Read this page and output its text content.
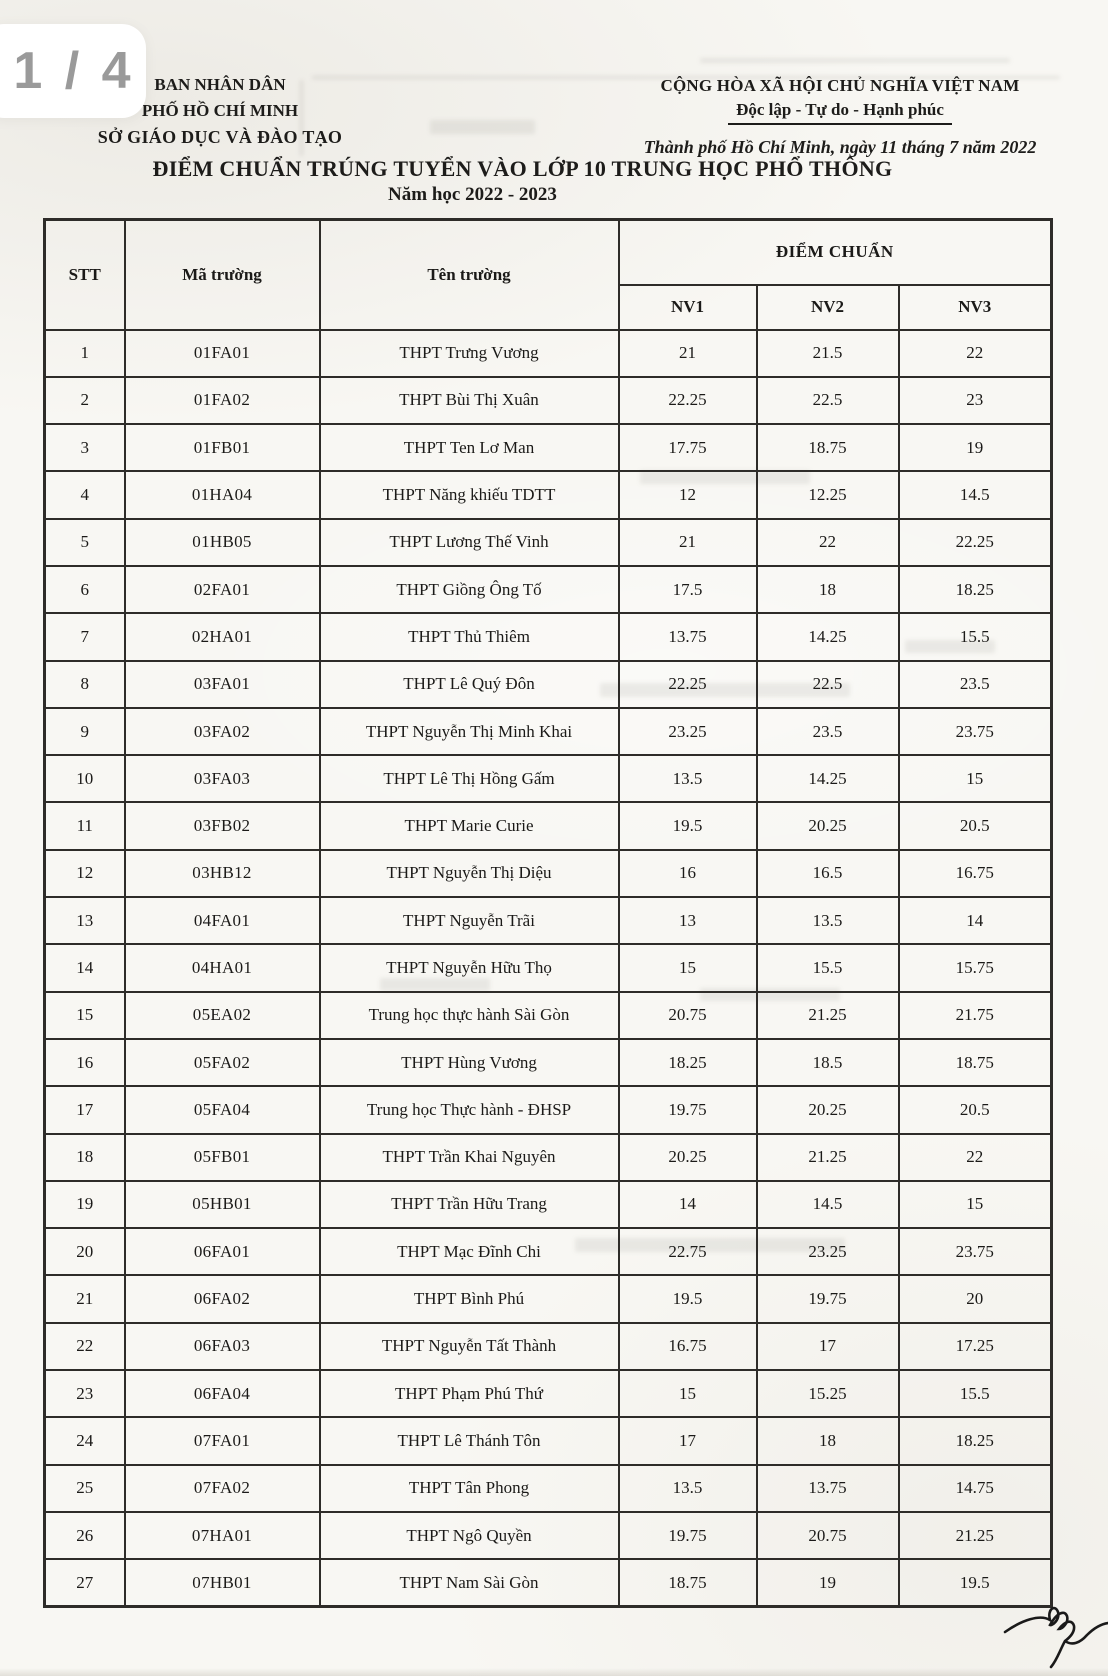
1 / 4	BAN NHÂN DÂN
PHỐ HỒ CHÍ MINH
SỞ GIÁO DỤC VÀ ĐÀO TẠO
CỘNG HÒA XÃ HỘI CHỦ NGHĨA VIỆT NAM
Độc lập - Tự do - Hạnh phúc
Thành phố Hồ Chí Minh, ngày 11 tháng 7 năm 2022
ĐIỂM CHUẨN TRÚNG TUYỂN VÀO LỚP 10 TRUNG HỌC PHỔ THÔNG
Năm học 2022 - 2023
STT	Mã trường	Tên trường	ĐIỂM CHUẨN		
			NV1	NV2	NV3
1	01FA01	THPT Trưng Vương	21	21.5	22
2	01FA02	THPT Bùi Thị Xuân	22.25	22.5	23
3	01FB01	THPT Ten Lơ Man	17.75	18.75	19
4	01HA04	THPT Năng khiếu TDTT	12	12.25	14.5
5	01HB05	THPT Lương Thế Vinh	21	22	22.25
6	02FA01	THPT Giồng Ông Tố	17.5	18	18.25
7	02HA01	THPT Thủ Thiêm	13.75	14.25	15.5
8	03FA01	THPT Lê Quý Đôn	22.25	22.5	23.5
9	03FA02	THPT Nguyễn Thị Minh Khai	23.25	23.5	23.75
10	03FA03	THPT Lê Thị Hồng Gấm	13.5	14.25	15
11	03FB02	THPT Marie Curie	19.5	20.25	20.5
12	03HB12	THPT Nguyễn Thị Diệu	16	16.5	16.75
13	04FA01	THPT Nguyễn Trãi	13	13.5	14
14	04HA01	THPT Nguyễn Hữu Thọ	15	15.5	15.75
15	05EA02	Trung học thực hành Sài Gòn	20.75	21.25	21.75
16	05FA02	THPT Hùng Vương	18.25	18.5	18.75
17	05FA04	Trung học Thực hành - ĐHSP	19.75	20.25	20.5
18	05FB01	THPT Trần Khai Nguyên	20.25	21.25	22
19	05HB01	THPT Trần Hữu Trang	14	14.5	15
20	06FA01	THPT Mạc Đĩnh Chi	22.75	23.25	23.75
21	06FA02	THPT Bình Phú	19.5	19.75	20
22	06FA03	THPT Nguyễn Tất Thành	16.75	17	17.25
23	06FA04	THPT Phạm Phú Thứ	15	15.25	15.5
24	07FA01	THPT Lê Thánh Tôn	17	18	18.25
25	07FA02	THPT Tân Phong	13.5	13.75	14.75
26	07HA01	THPT Ngô Quyền	19.75	20.75	21.25
27	07HB01	THPT Nam Sài Gòn	18.75	19	19.5
